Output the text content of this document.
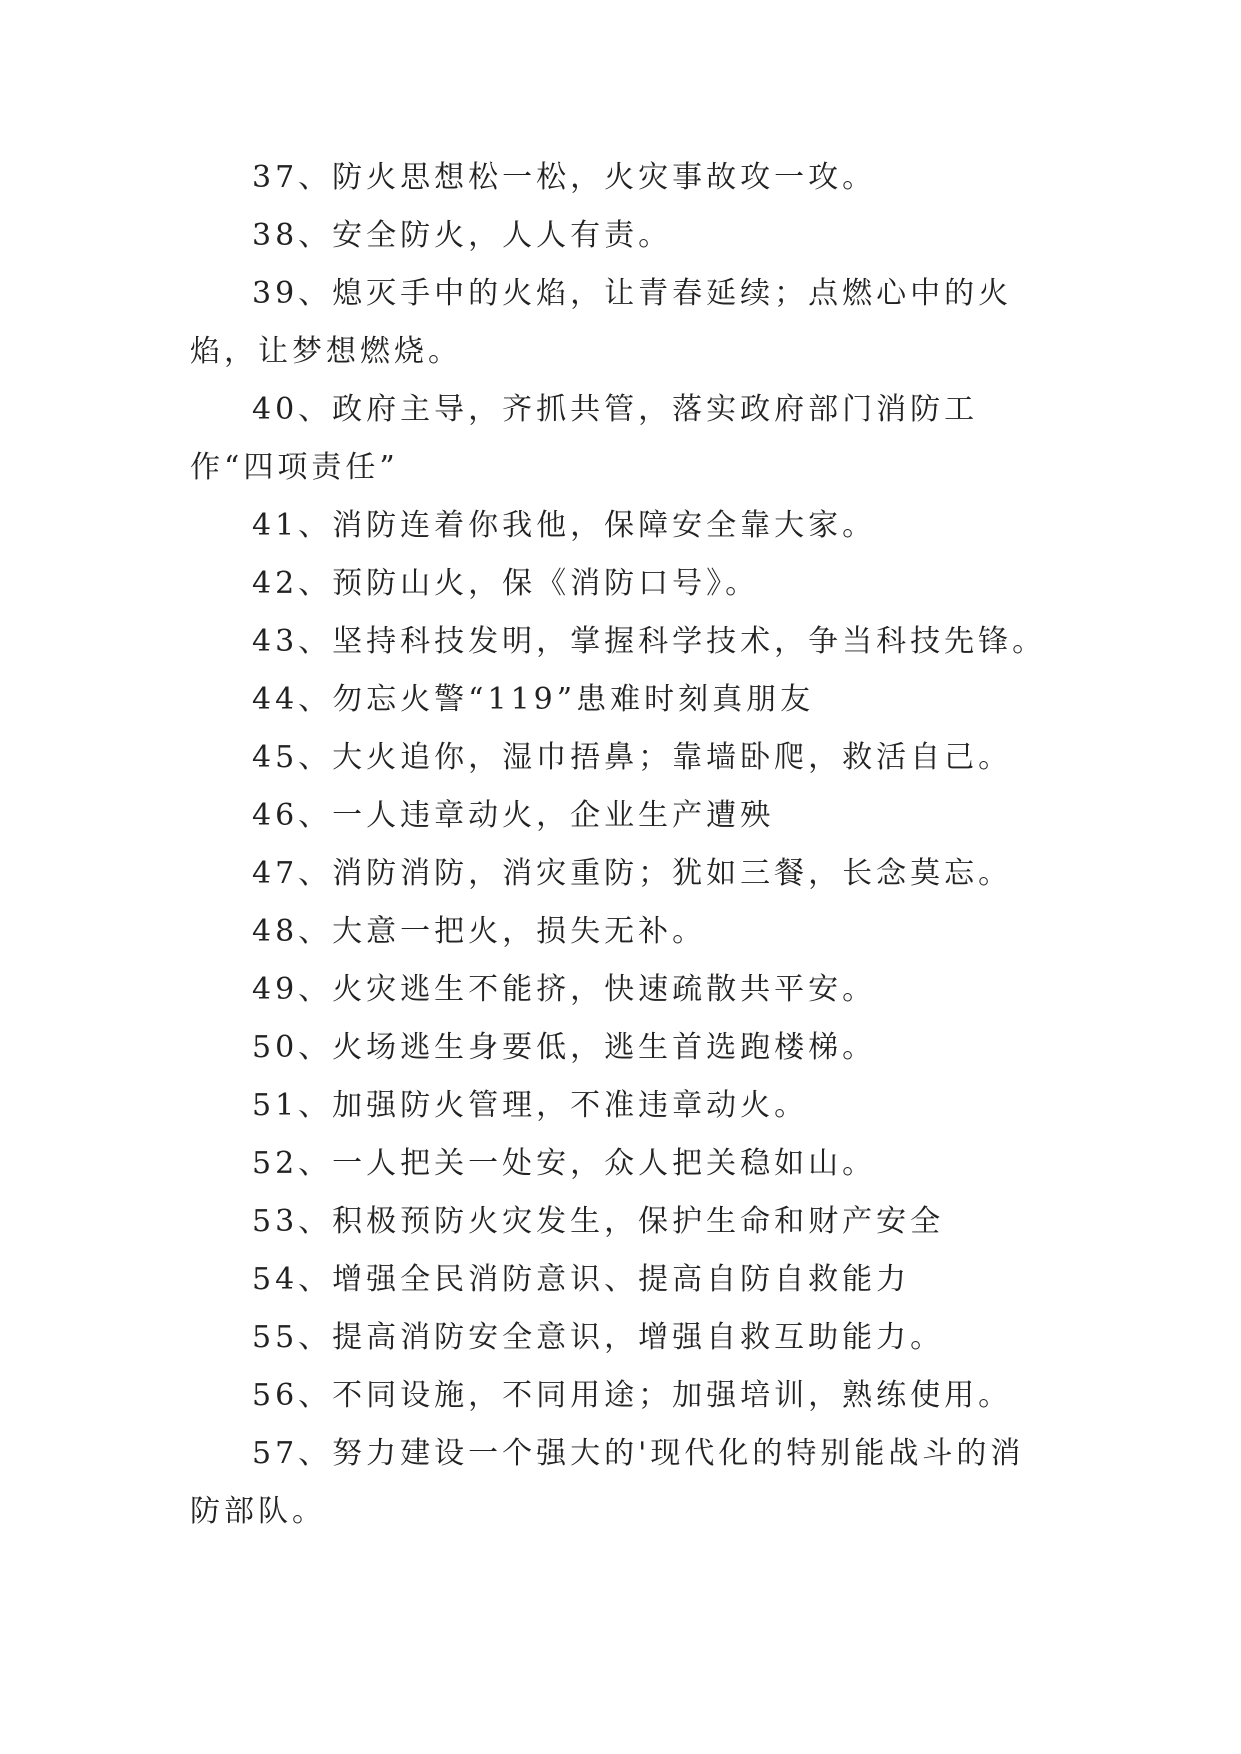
37、防火思想松一松，火灾事故攻一攻。

38、安全防火，人人有责。

39、熄灭手中的火焰，让青春延续；点燃心中的火焰，让梦想燃烧。

40、政府主导，齐抓共管，落实政府部门消防工作“四项责任”

41、消防连着你我他，保障安全靠大家。

42、预防山火，保《消防口号》。

43、坚持科技发明，掌握科学技术，争当科技先锋。

44、勿忘火警“119”患难时刻真朋友

45、大火追你，湿巾捂鼻；靠墙卧爬，救活自己。

46、一人违章动火，企业生产遭殃

47、消防消防，消灾重防；犹如三餐，长念莫忘。

48、大意一把火，损失无补。

49、火灾逃生不能挤，快速疏散共平安。

50、火场逃生身要低，逃生首选跑楼梯。

51、加强防火管理，不准违章动火。

52、一人把关一处安，众人把关稳如山。

53、积极预防火灾发生，保护生命和财产安全

54、增强全民消防意识、提高自防自救能力

55、提高消防安全意识，增强自救互助能力。

56、不同设施，不同用途；加强培训，熟练使用。

57、努力建设一个强大的'现代化的特别能战斗的消防部队。
